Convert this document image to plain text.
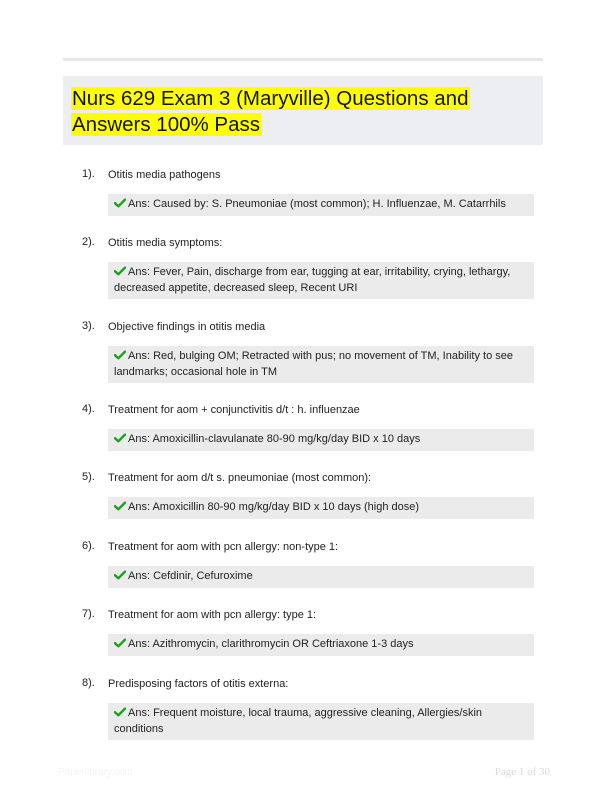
Nurs 629 Exam 3 (Maryville) Questions and Answers 100% Pass
1). Otitis media pathogens
Ans: Caused by: S. Pneumoniae (most common); H. Influenzae, M. Catarrhils
2). Otitis media symptoms:
Ans: Fever, Pain, discharge from ear, tugging at ear, irritability, crying, lethargy, decreased appetite, decreased sleep, Recent URI
3). Objective findings in otitis media
Ans: Red, bulging OM; Retracted with pus; no movement of TM, Inability to see landmarks; occasional hole in TM
4). Treatment for aom + conjunctivitis d/t : h. influenzae
Ans: Amoxicillin-clavulanate 80-90 mg/kg/day BID x 10 days
5). Treatment for aom d/t s. pneumoniae (most common):
Ans: Amoxicillin 80-90 mg/kg/day BID x 10 days (high dose)
6). Treatment for aom with pcn allergy: non-type 1:
Ans: Cefdinir, Cefuroxime
7). Treatment for aom with pcn allergy: type 1:
Ans: Azithromycin, clarithromycin OR Ceftriaxone 1-3 days
8). Predisposing factors of otitis externa:
Ans: Frequent moisture, local trauma, aggressive cleaning, Allergies/skin conditions
Paperlibrary.com	Page 1 of 30
